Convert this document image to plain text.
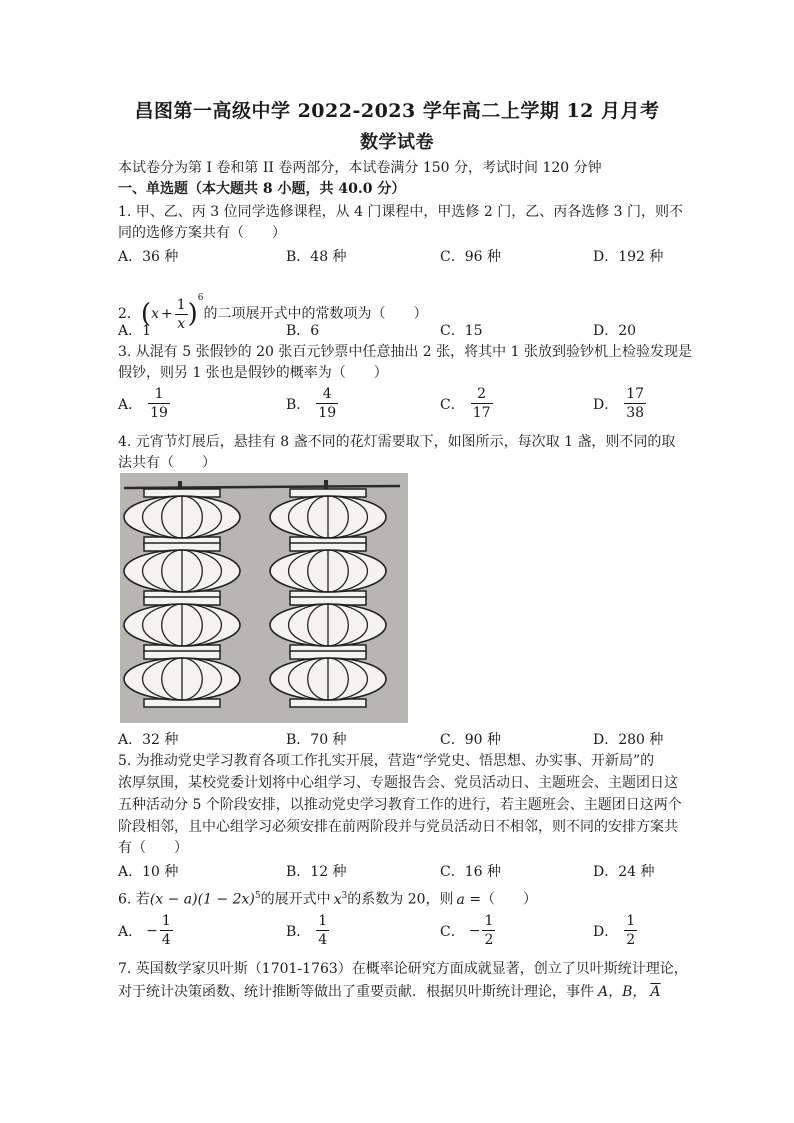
昌图第一高级中学 2022-2023 学年高二上学期 12 月月考
数学试卷
本试卷分为第 I 卷和第 II 卷两部分，本试卷满分 150 分，考试时间 120 分钟
一、单选题（本大题共 8 小题，共 40.0 分）
1. 甲、乙、丙 3 位同学选修课程，从 4 门课程中，甲选修 2 门，乙、丙各选修 3 门，则不
同的选修方案共有（　　）
A．36 种	B．48 种	C．96 种	D．192 种
2．$(x + \frac{1}{x} )^6$的二项展开式中的常数项为（　　）
A．1	B．6	C．15	D．20
3. 从混有 5 张假钞的 20 张百元钞票中任意抽出 2 张，将其中 1 张放到验钞机上检验发现是
假钞，则另 1 张也是假钞的概率为（　　）
A． $\frac{1}{19}$	B． $\frac{4}{19}$	C． $\frac{2}{17}$	D． $\frac{17}{38}$
4. 元宵节灯展后，悬挂有 8 盏不同的花灯需要取下，如图所示，每次取 1 盏，则不同的取
法共有（　　）
A．32 种	B．70 种	C．90 种	D．280 种
5. 为推动党史学习教育各项工作扎实开展，营造“学党史、悟思想、办实事、开新局”的
浓厚氛围，某校党委计划将中心组学习、专题报告会、党员活动日、主题班会、主题团日这
五种活动分 5 个阶段安排，以推动党史学习教育工作的进行，若主题班会、主题团日这两个
阶段相邻，且中心组学习必须安排在前两阶段并与党员活动日不相邻，则不同的安排方案共
有（　　）
A．10 种	B．12 种	C．16 种	D．24 种
6. 若$(x - a)(1 - 2x)^5$的展开式中 $x^3$的系数为 20，则 a =（　　）
A． − $\frac{1}{4}$	B． $\frac{1}{4}$	C． − $\frac{1}{2}$	D． $\frac{1}{2}$
7. 英国数学家贝叶斯（1701-1763）在概率论研究方面成就显著，创立了贝叶斯统计理论，
对于统计决策函数、统计推断等做出了重要贡献．根据贝叶斯统计理论，事件 A，B， $\overline{A}$
